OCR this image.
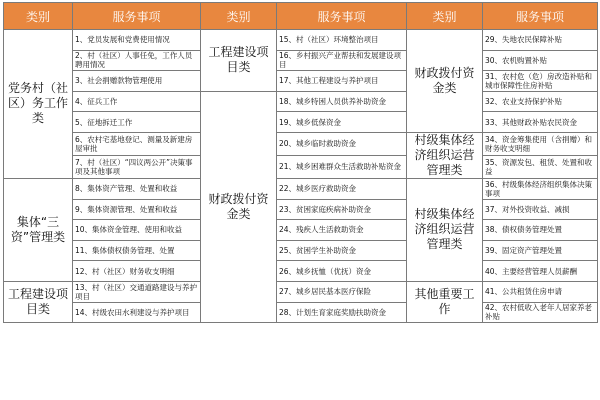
类别	服务事项	类别	服务事项	类别	服务事项
党务村（社区）务工作类	1、党员发展和党费使用情况	工程建设项目类	15、村（社区）环境整治项目	财政拨付资金类	29、失地农民保障补贴
	2、村（社区）人事任免，工作人员聘用情况		16、乡村振兴产业帮扶和发展建设项目		30、农机购置补贴
	3、社会捐赠款物管理使用		17、其他工程建设与养护项目		31、农村危（危）房改造补贴和城市保障性住房补贴
	4、征兵工作	财政拨付资金类	18、城乡特困人员供养补助资金		32、农业支持保护补贴
	5、征地拆迁工作		19、城乡低保资金		33、其他财政补贴农民资金
	6、农村宅基地登记、测量及新建房屋审批		20、城乡临时救助资金	村级集体经济组织运营管理类	34、资金筹集使用（含捐赠）和财务收支明细
	7、村（社区）“四议两公开”决策事项及其他事项		21、城乡困难群众生活救助补贴资金		35、资源发包、租赁、处置和收益
集体“三资”管理类	8、集体资产管理、处置和收益		22、城乡医疗救助资金	村级集体经济组织运营管理类	36、村级集体经济组织集体决策事项
	9、集体资源管理、处置和收益		23、贫困家庭疾病补助资金		37、对外投资收益、减损
	10、集体资金管理、使用和收益		24、残疾人生活救助资金		38、债权债务管理处置
	11、集体债权债务管理、处置		25、贫困学生补助资金		39、固定资产管理处置
	12、村（社区）财务收支明细		26、城乡抚恤（优抚）资金		40、主要经营管理人员薪酬
工程建设项目类	13、村（社区）交通道路建设与养护项目		27、城乡居民基本医疗保险	其他重要工作	41、公共租赁住房申请
	14、村级农田水利建设与养护项目		28、计划生育家庭奖励扶助资金		42、农村低收入老年人居家养老补贴
